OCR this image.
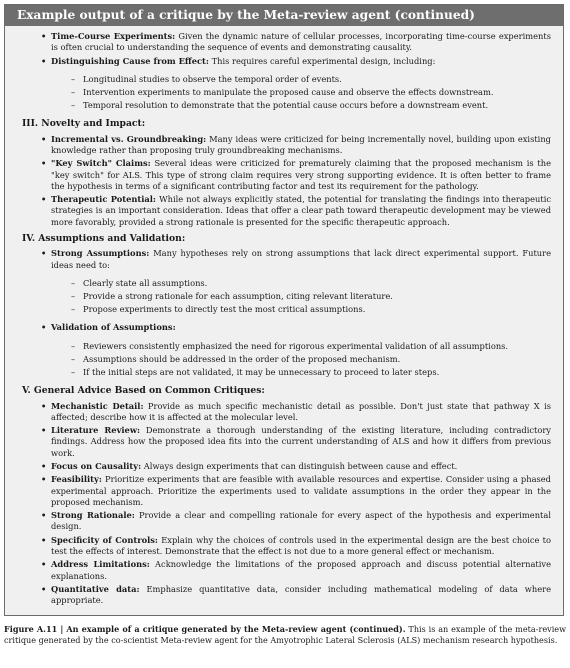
Example output of a critique by the Meta-review agent (continued)
• Time-Course Experiments: Given the dynamic nature of cellular processes, incorporating time-course experiments is often crucial to understanding the sequence of events and demonstrating causality.
• Distinguishing Cause from Effect: This requires careful experimental design, including:
– Longitudinal studies to observe the temporal order of events.
– Intervention experiments to manipulate the proposed cause and observe the effects downstream.
– Temporal resolution to demonstrate that the potential cause occurs before a downstream event.
III. Novelty and Impact:
• Incremental vs. Groundbreaking: Many ideas were criticized for being incrementally novel, building upon existing knowledge rather than proposing truly groundbreaking mechanisms.
• "Key Switch" Claims: Several ideas were criticized for prematurely claiming that the proposed mechanism is the "key switch" for ALS. This type of strong claim requires very strong supporting evidence. It is often better to frame the hypothesis in terms of a significant contributing factor and test its requirement for the pathology.
• Therapeutic Potential: While not always explicitly stated, the potential for translating the findings into therapeutic strategies is an important consideration. Ideas that offer a clear path toward therapeutic development may be viewed more favorably, provided a strong rationale is presented for the specific therapeutic approach.
IV. Assumptions and Validation:
• Strong Assumptions: Many hypotheses rely on strong assumptions that lack direct experimental support. Future ideas need to:
– Clearly state all assumptions.
– Provide a strong rationale for each assumption, citing relevant literature.
– Propose experiments to directly test the most critical assumptions.
• Validation of Assumptions:
– Reviewers consistently emphasized the need for rigorous experimental validation of all assumptions.
– Assumptions should be addressed in the order of the proposed mechanism.
– If the initial steps are not validated, it may be unnecessary to proceed to later steps.
V. General Advice Based on Common Critiques:
• Mechanistic Detail: Provide as much specific mechanistic detail as possible. Don't just state that pathway X is affected; describe how it is affected at the molecular level.
• Literature Review: Demonstrate a thorough understanding of the existing literature, including contradictory findings. Address how the proposed idea fits into the current understanding of ALS and how it differs from previous work.
• Focus on Causality: Always design experiments that can distinguish between cause and effect.
• Feasibility: Prioritize experiments that are feasible with available resources and expertise. Consider using a phased experimental approach. Prioritize the experiments used to validate assumptions in the order they appear in the proposed mechanism.
• Strong Rationale: Provide a clear and compelling rationale for every aspect of the hypothesis and experimental design.
• Specificity of Controls: Explain why the choices of controls used in the experimental design are the best choice to test the effects of interest. Demonstrate that the effect is not due to a more general effect or mechanism.
• Address Limitations: Acknowledge the limitations of the proposed approach and discuss potential alternative explanations.
• Quantitative data: Emphasize quantitative data, consider including mathematical modeling of data where appropriate.
Figure A.11 | An example of a critique generated by the Meta-review agent (continued). This is an example of the meta-review critique generated by the co-scientist Meta-review agent for the Amyotrophic Lateral Sclerosis (ALS) mechanism research hypothesis.
